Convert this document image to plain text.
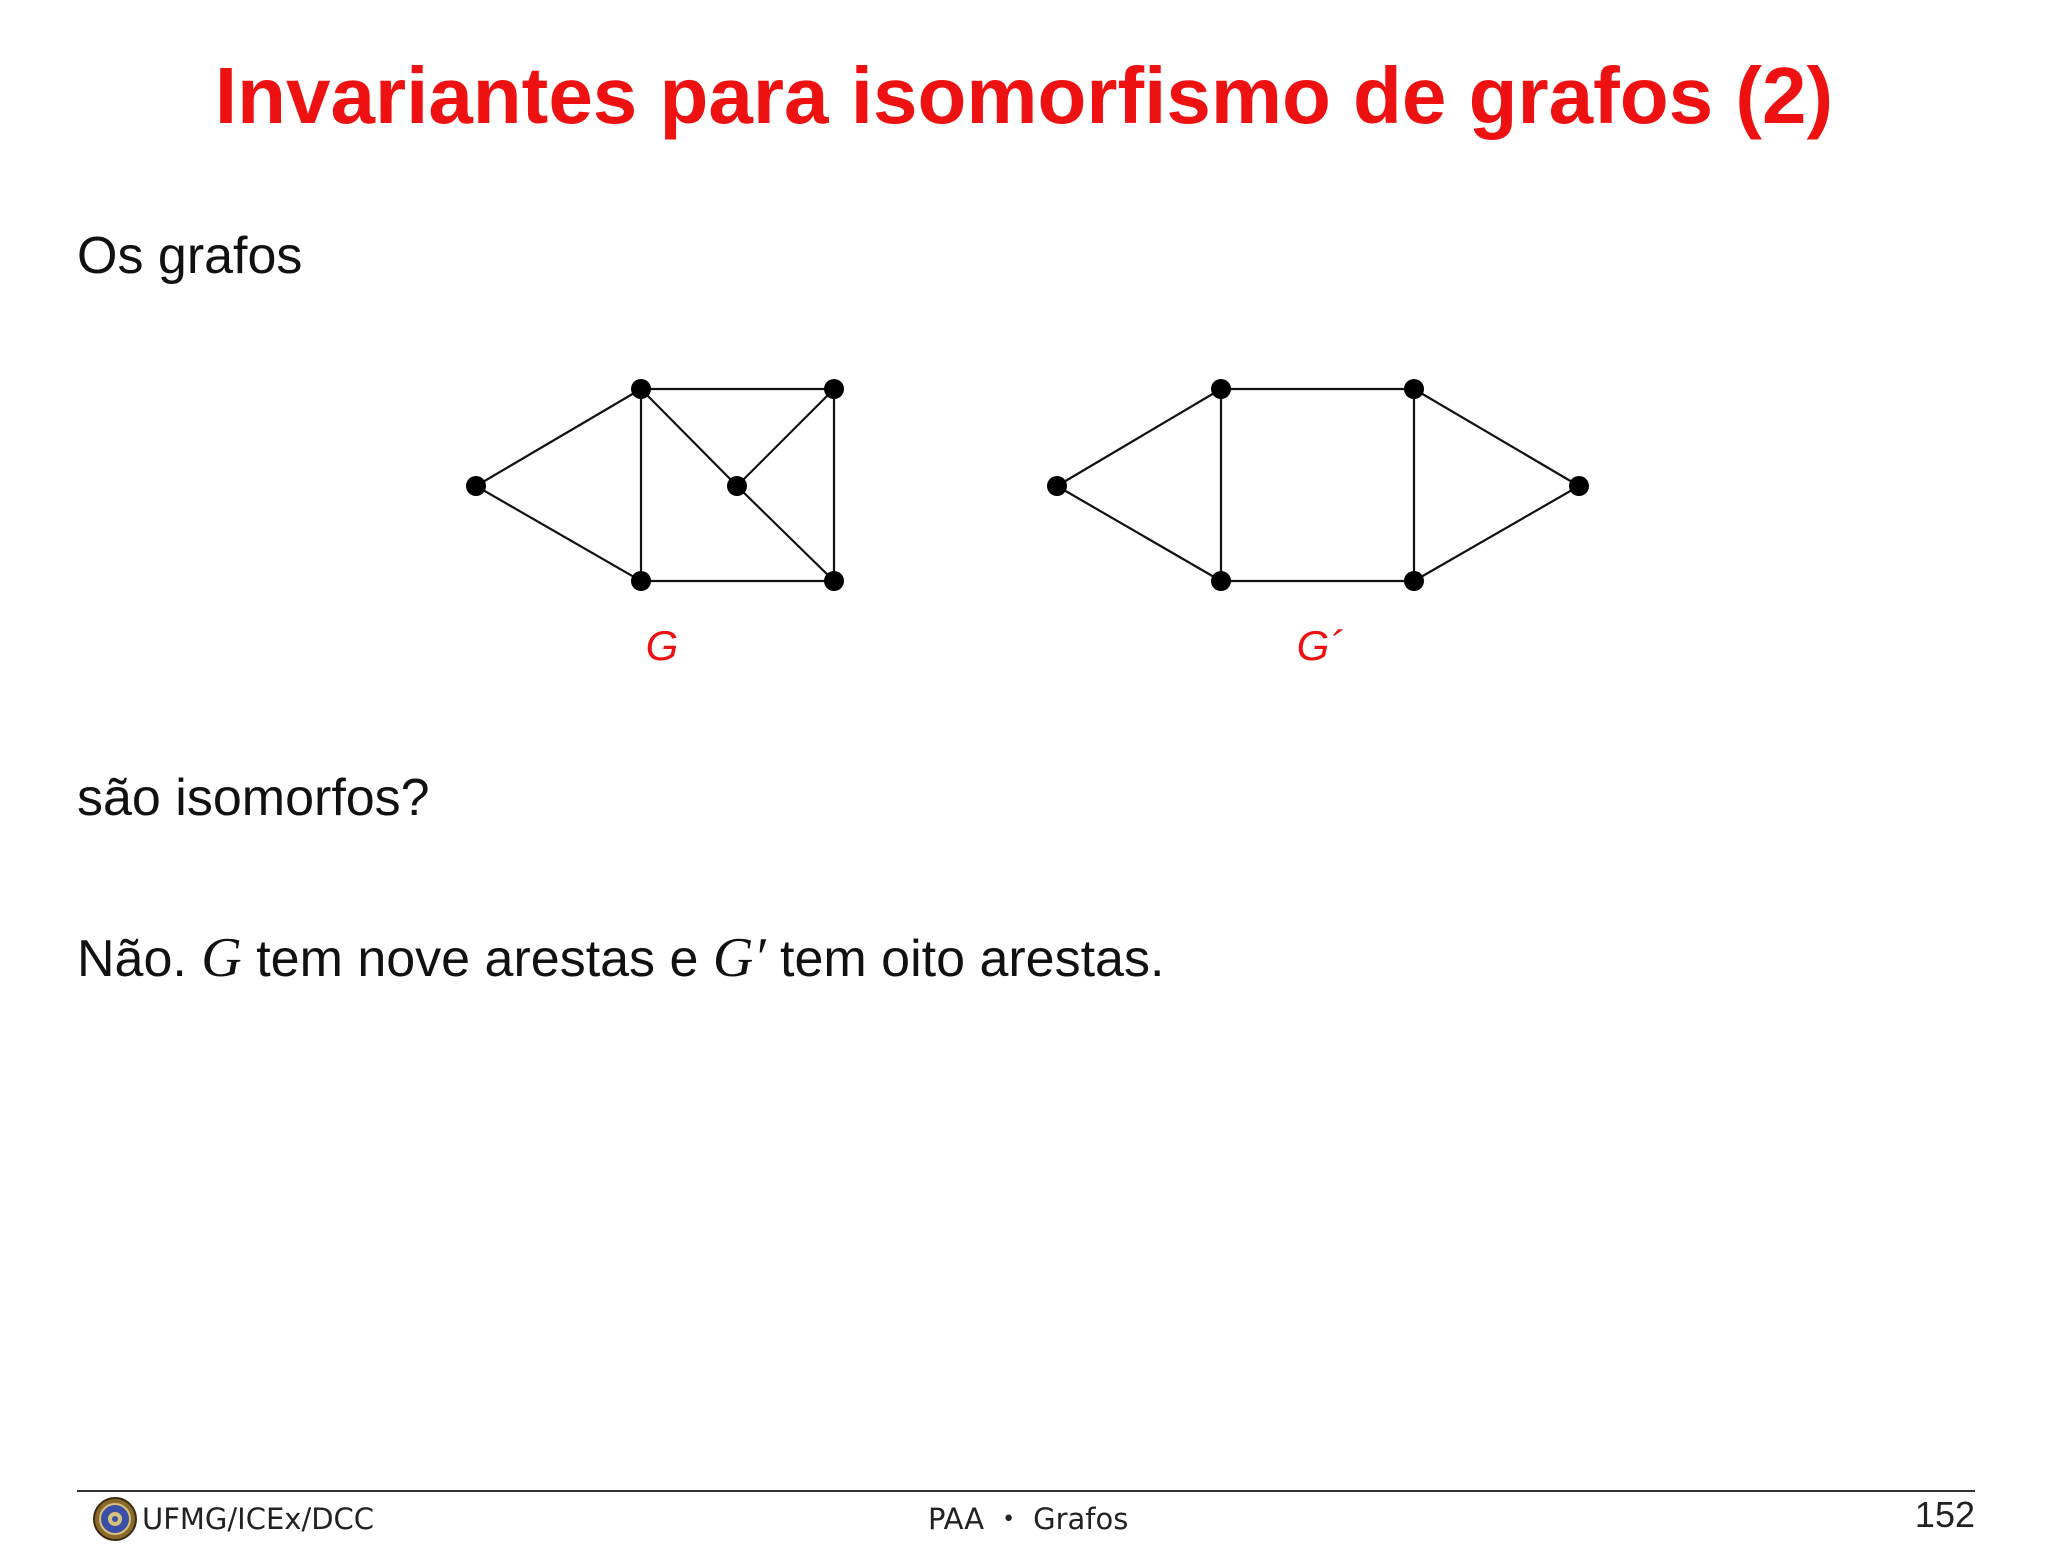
Invariantes para isomorfismo de grafos (2)
Os grafos
G	G´
são isomorfos?
Não. G tem nove arestas e G′ tem oito arestas.
UFMG/ICEx/DCC	PAA • Grafos	152
